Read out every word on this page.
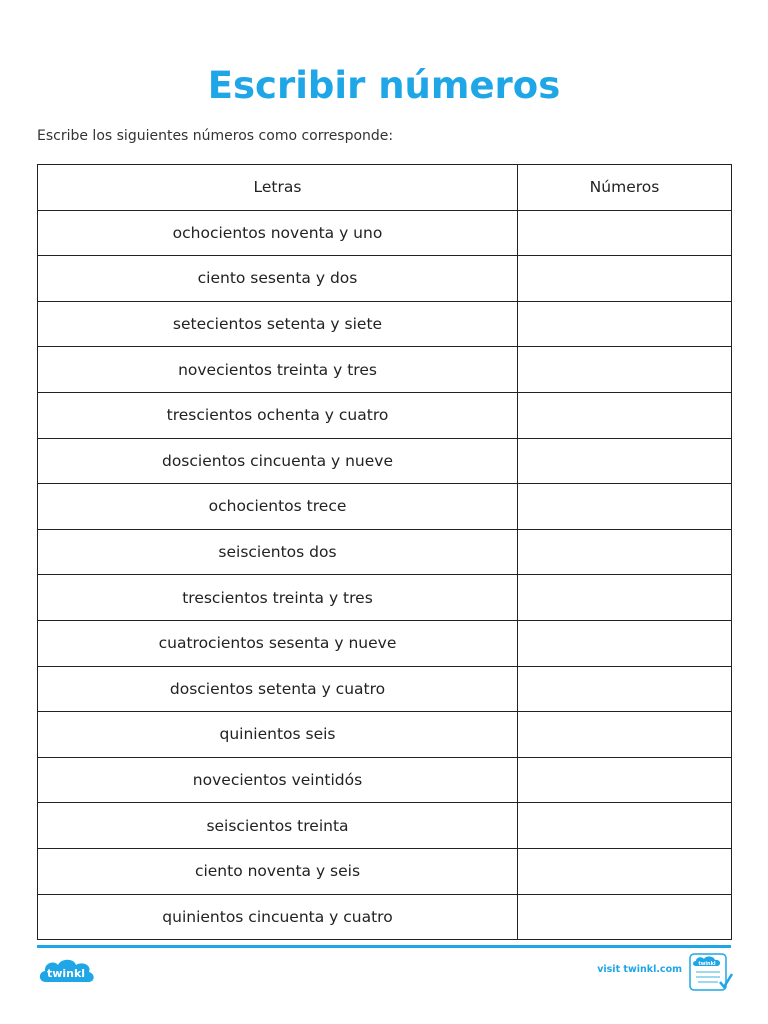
Escribir números

Escribe los siguientes números como corresponde:

Letras	Números
ochocientos noventa y uno	
ciento sesenta y dos	
setecientos setenta y siete	
novecientos treinta y tres	
trescientos ochenta y cuatro	
doscientos cincuenta y nueve	
ochocientos trece	
seiscientos dos	
trescientos treinta y tres	
cuatrocientos sesenta y nueve	
doscientos setenta y cuatro	
quinientos seis	
novecientos veintidós	
seiscientos treinta	
ciento noventa y seis	
quinientos cincuenta y cuatro	
twinkl	visit twinkl.com	twinkl
